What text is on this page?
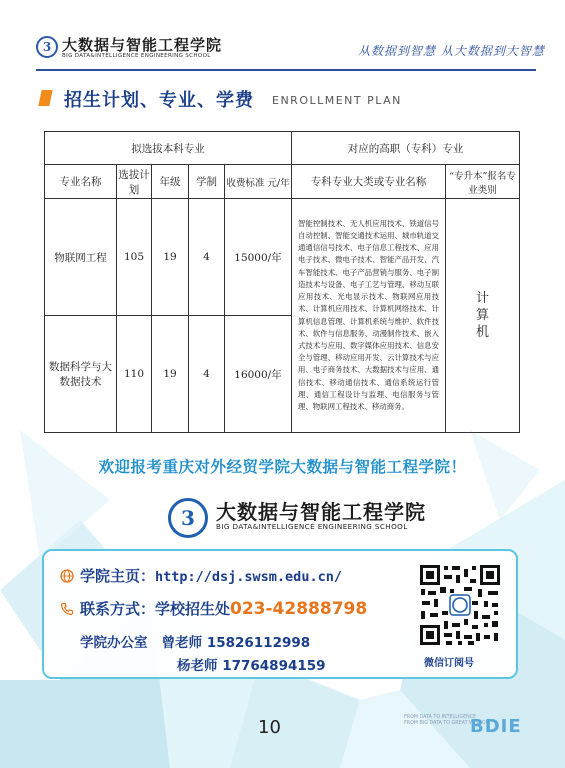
3 大数据与智能工程学院
BIG DATA&INTELLIGENCE ENGINEERING SCHOOL	从数据到智慧 从大数据到大智慧
招生计划、专业、学费 ENROLLMENT PLAN
拟选拔本科专业					对应的高职（专科）专业	
专业名称	选拔计划	年级	学制	收费标准 元/年	专科专业大类或专业名称	“专升本”报名专业类别
物联网工程	105	19	4	15000/年	智能控制技术、无人机应用技术、铁道信号自动控制、智能交通技术运用、城市轨道交通通信信号技术、电子信息工程技术、应用电子技术、微电子技术、智能产品开发、汽车智能技术、电子产品营销与服务、电子制造技术与设备、电子工艺与管理、移动互联应用技术、光电显示技术、物联网应用技术、计算机应用技术、计算机网络技术、计算机信息管理、计算机系统与维护、软件技术、软件与信息服务、动漫制作技术、嵌入式技术与应用、数字媒体应用技术、信息安全与管理、移动应用开发、云计算技术与应用、电子商务技术、大数据技术与应用、通信技术、移动通信技术、通信系统运行管理、通信工程设计与监理、电信服务与管理、物联网工程技术、移动商务。	计算机

数据科学与大数据技术	110	19	4	16000/年		
欢迎报考重庆对外经贸学院大数据与智能工程学院！
3	大数据与智能工程学院
BIG DATA&INTELLIGENCE ENGINEERING SCHOOL
学院主页：http://dsj.swsm.edu.cn/
联系方式：学校招生处023-42888798
学院办公室 曾老师 15826112998
杨老师 17764894159	微信订阅号
10	FROM DATA TO INTELLIGENCE
FROM BIG DATA TO GREAT WISDOM
BDIE
